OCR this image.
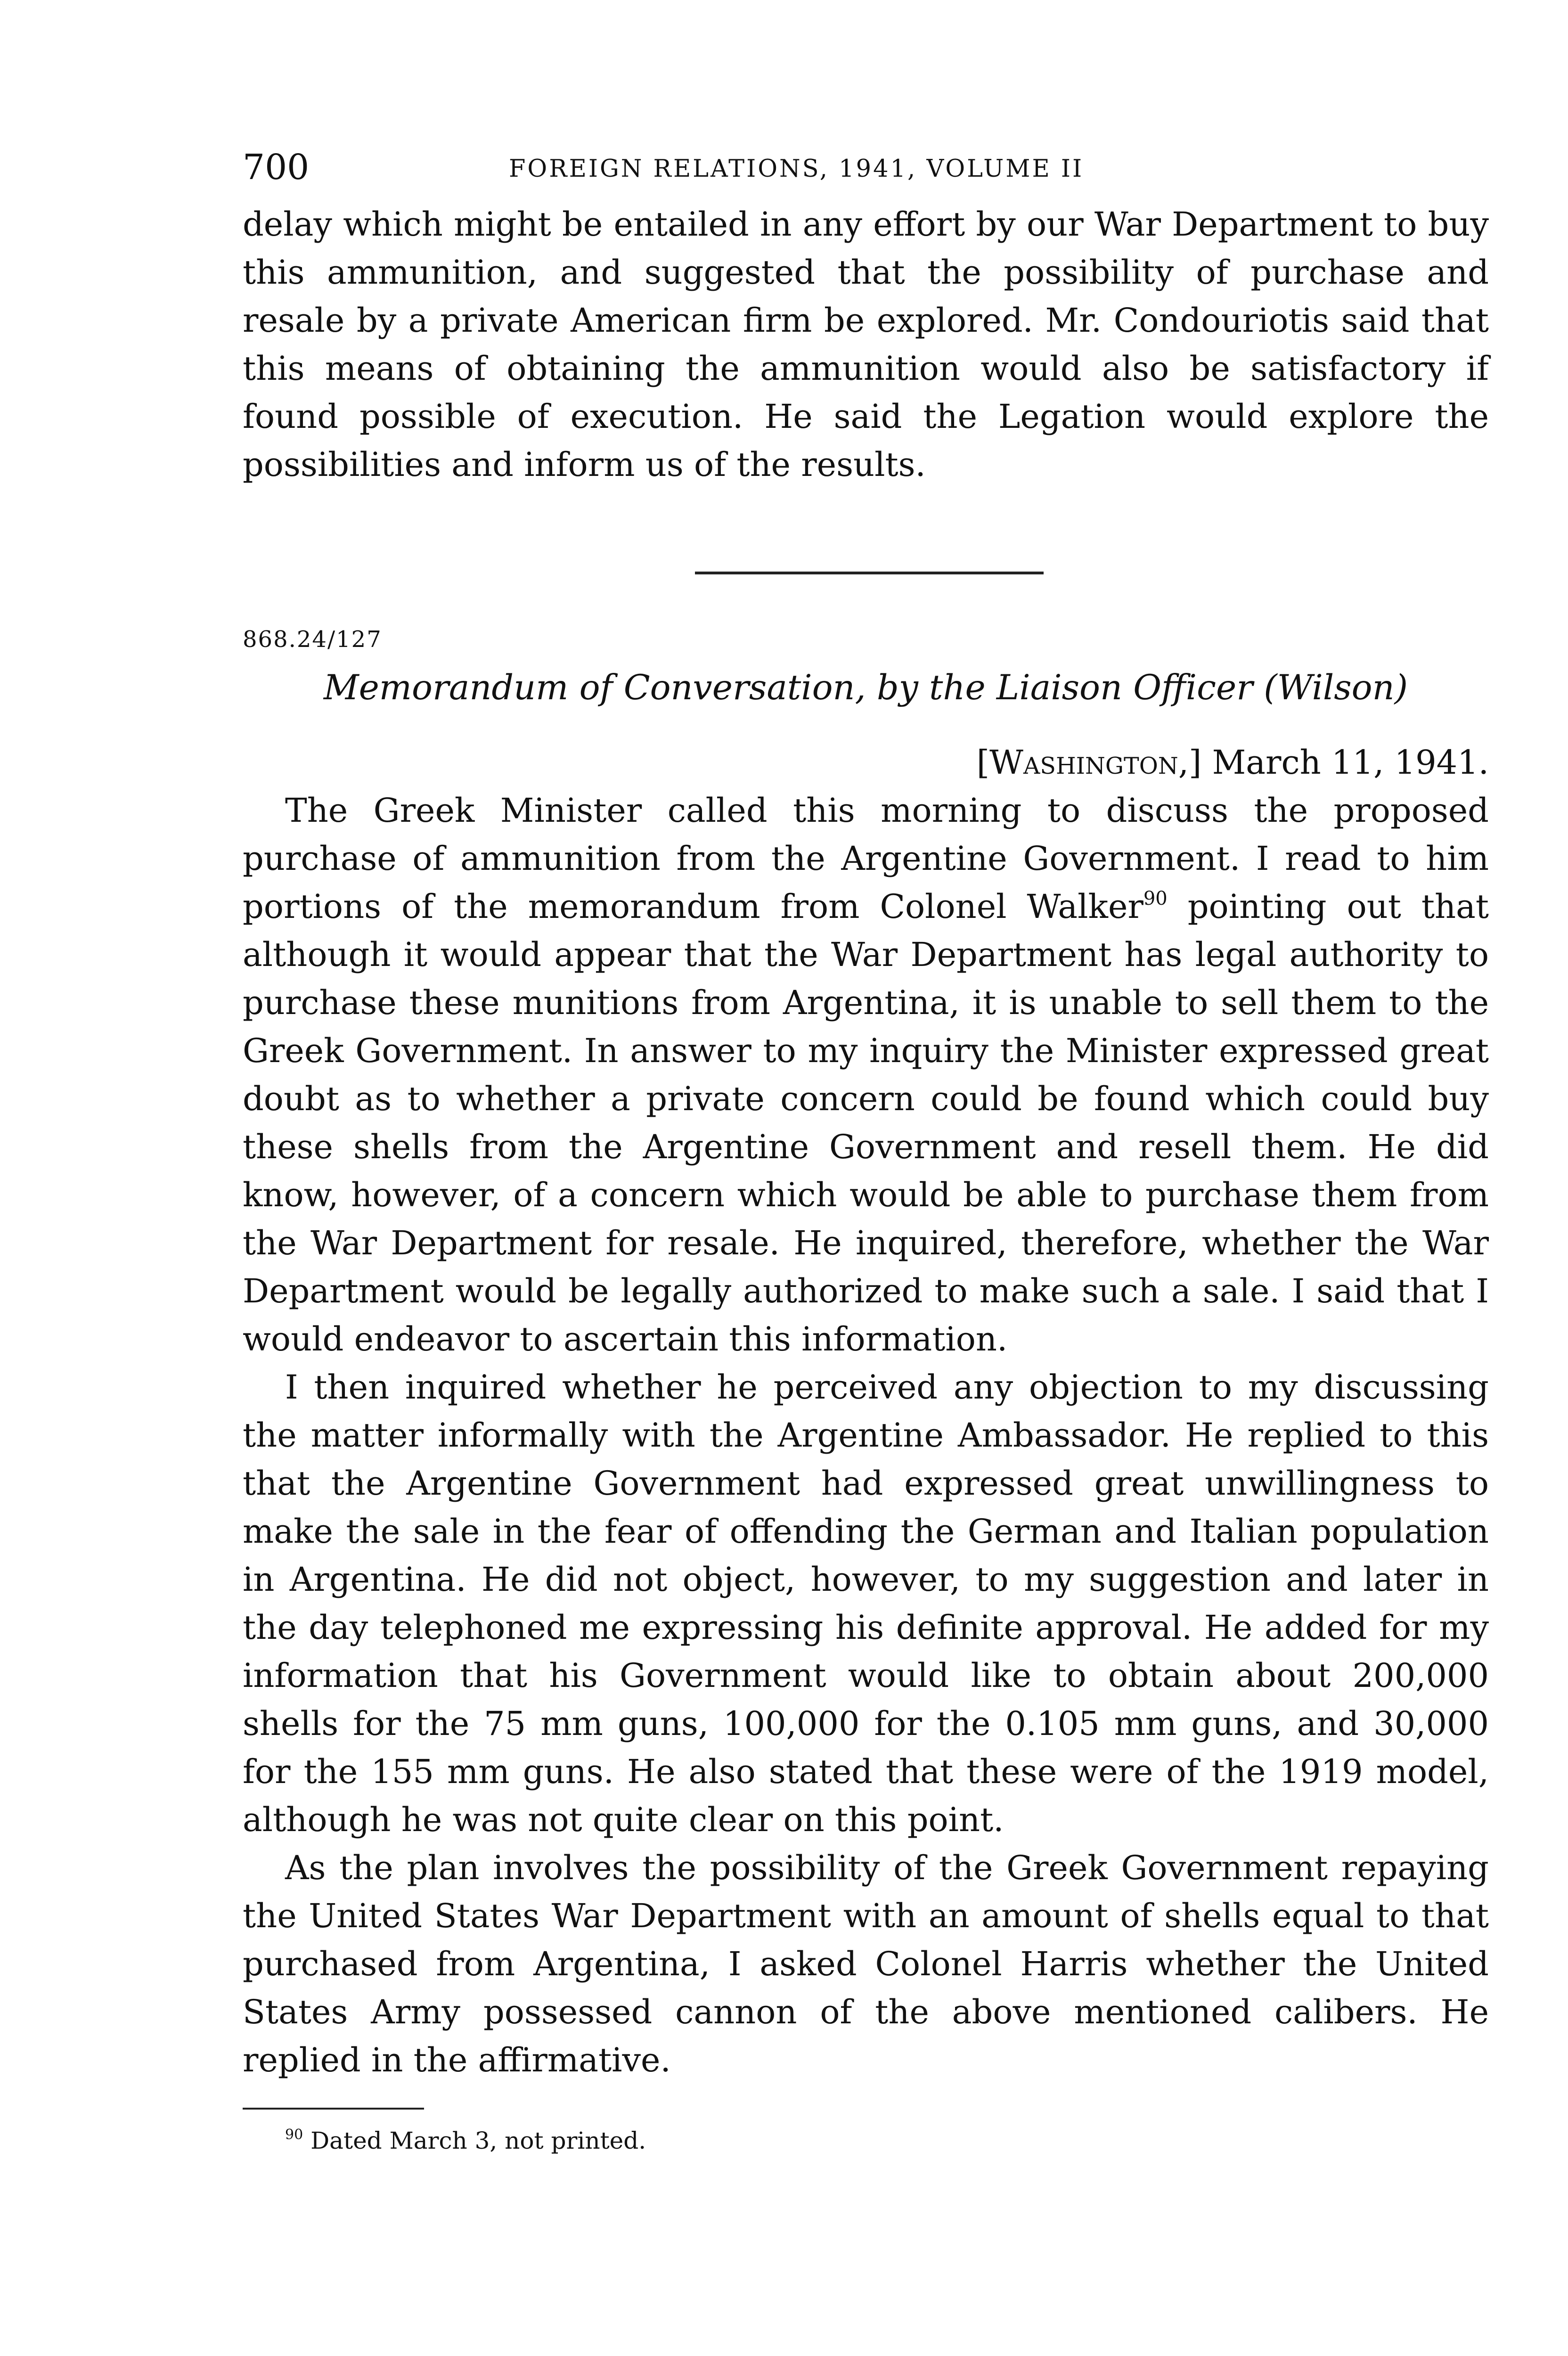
700	FOREIGN RELATIONS, 1941, VOLUME II

delay which might be entailed in any effort by our War Department to buy this ammunition, and suggested that the possibility of purchase and resale by a private American firm be explored. Mr. Condouriotis said that this means of obtaining the ammunition would also be satisfactory if found possible of execution. He said the Legation would explore the possibilities and inform us of the results.

868.24/127
Memorandum of Conversation, by the Liaison Officer (Wilson)
[Washington,] March 11, 1941.

The Greek Minister called this morning to discuss the proposed purchase of ammunition from the Argentine Government. I read to him portions of the memorandum from Colonel Walker$^{90}$ pointing out that although it would appear that the War Department has legal authority to purchase these munitions from Argentina, it is unable to sell them to the Greek Government. In answer to my inquiry the Minister expressed great doubt as to whether a private concern could be found which could buy these shells from the Argentine Government and resell them. He did know, however, of a concern which would be able to purchase them from the War Department for resale. He inquired, therefore, whether the War Department would be legally authorized to make such a sale. I said that I would endeavor to ascertain this information.

I then inquired whether he perceived any objection to my discussing the matter informally with the Argentine Ambassador. He replied to this that the Argentine Government had expressed great unwillingness to make the sale in the fear of offending the German and Italian population in Argentina. He did not object, however, to my suggestion and later in the day telephoned me expressing his definite approval. He added for my information that his Government would like to obtain about 200,000 shells for the 75 mm guns, 100,000 for the 0.105 mm guns, and 30,000 for the 155 mm guns. He also stated that these were of the 1919 model, although he was not quite clear on this point.

As the plan involves the possibility of the Greek Government repaying the United States War Department with an amount of shells equal to that purchased from Argentina, I asked Colonel Harris whether the United States Army possessed cannon of the above mentioned calibers. He replied in the affirmative.

$^{90}$ Dated March 3, not printed.
